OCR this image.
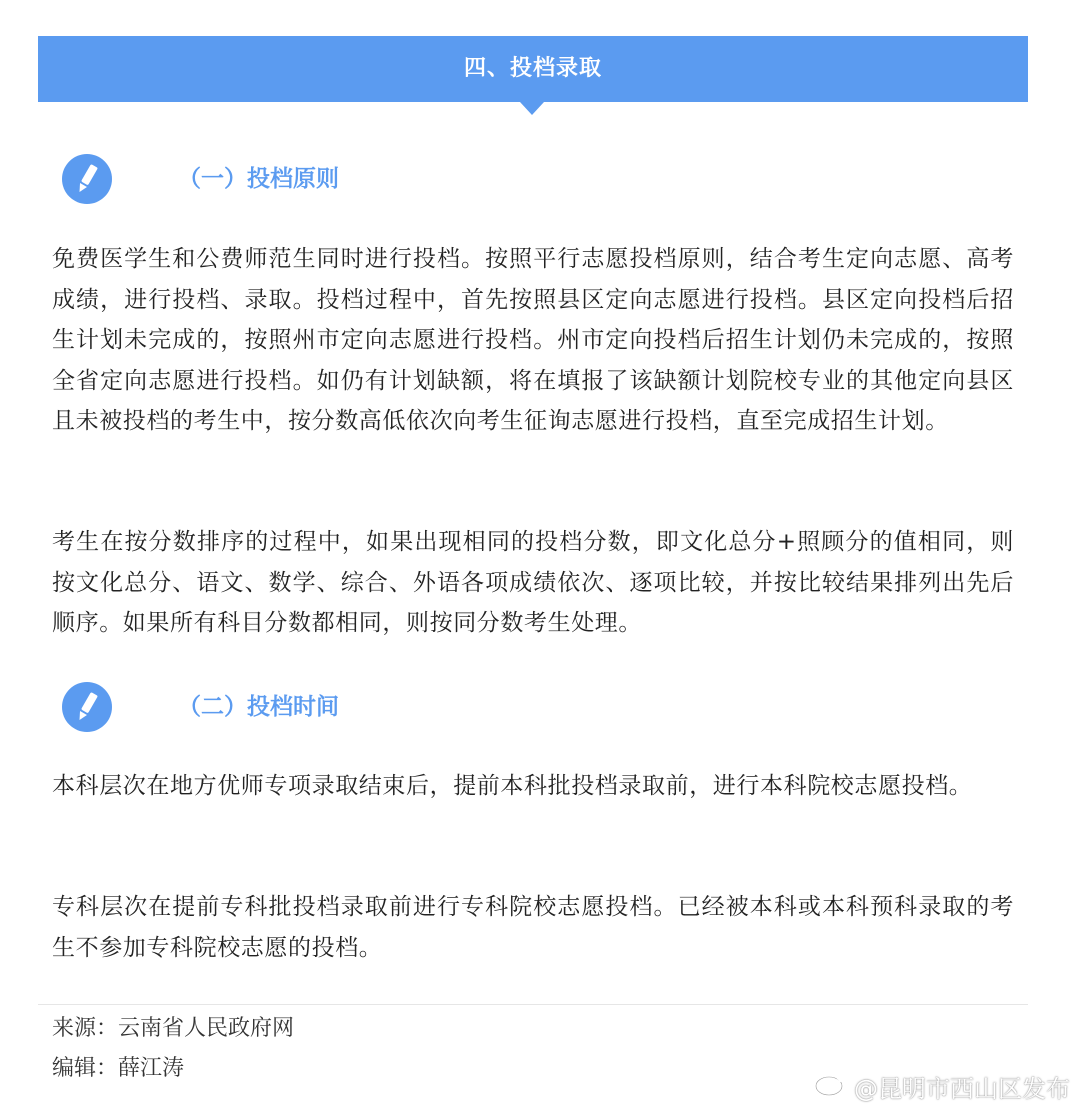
四、投档录取
（一）投档原则

免费医学生和公费师范生同时进行投档。按照平行志愿投档原则，结合考生定向志愿、高考成绩，进行投档、录取。投档过程中，首先按照县区定向志愿进行投档。县区定向投档后招生计划未完成的，按照州市定向志愿进行投档。州市定向投档后招生计划仍未完成的，按照全省定向志愿进行投档。如仍有计划缺额，将在填报了该缺额计划院校专业的其他定向县区且未被投档的考生中，按分数高低依次向考生征询志愿进行投档，直至完成招生计划。

考生在按分数排序的过程中，如果出现相同的投档分数，即文化总分+照顾分的值相同，则按文化总分、语文、数学、综合、外语各项成绩依次、逐项比较，并按比较结果排列出先后顺序。如果所有科目分数都相同，则按同分数考生处理。

（二）投档时间

本科层次在地方优师专项录取结束后，提前本科批投档录取前，进行本科院校志愿投档。

专科层次在提前专科批投档录取前进行专科院校志愿投档。已经被本科或本科预科录取的考生不参加专科院校志愿的投档。

来源：云南省人民政府网
编辑：薛江涛
@昆明市西山区发布
